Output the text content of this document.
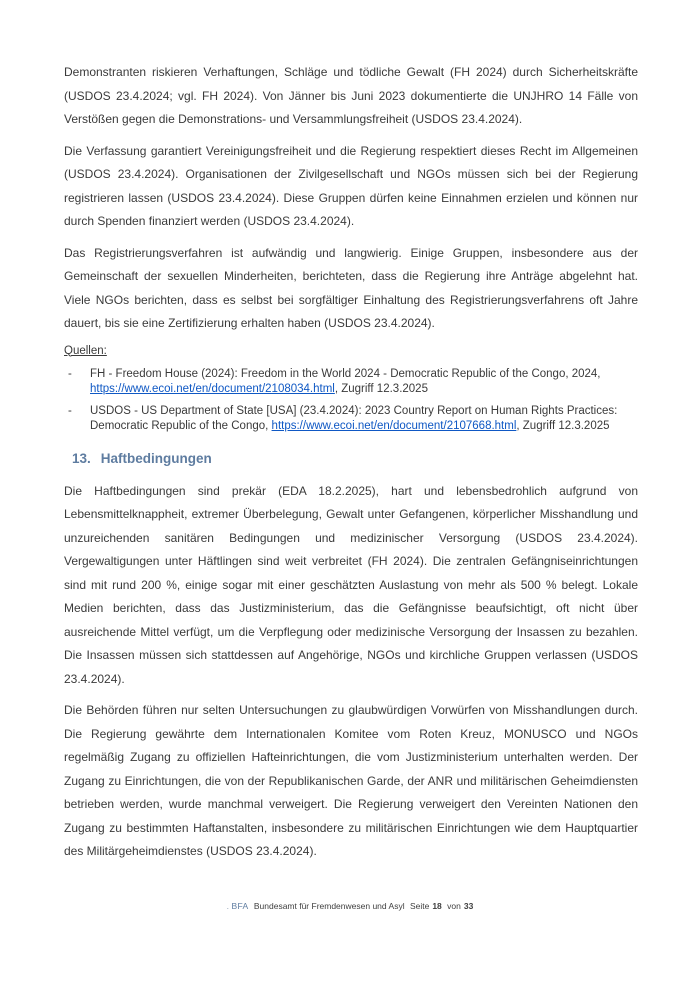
Demonstranten riskieren Verhaftungen, Schläge und tödliche Gewalt (FH 2024) durch Sicherheitskräfte (USDOS 23.4.2024; vgl. FH 2024). Von Jänner bis Juni 2023 dokumentierte die UNJHRO 14 Fälle von Verstößen gegen die Demonstrations- und Versammlungsfreiheit (USDOS 23.4.2024).

Die Verfassung garantiert Vereinigungsfreiheit und die Regierung respektiert dieses Recht im Allgemeinen (USDOS 23.4.2024). Organisationen der Zivilgesellschaft und NGOs müssen sich bei der Regierung registrieren lassen (USDOS 23.4.2024). Diese Gruppen dürfen keine Einnahmen erzielen und können nur durch Spenden finanziert werden (USDOS 23.4.2024).

Das Registrierungsverfahren ist aufwändig und langwierig. Einige Gruppen, insbesondere aus der Gemeinschaft der sexuellen Minderheiten, berichteten, dass die Regierung ihre Anträge abgelehnt hat. Viele NGOs berichten, dass es selbst bei sorgfältiger Einhaltung des Registrierungsverfahrens oft Jahre dauert, bis sie eine Zertifizierung erhalten haben (USDOS 23.4.2024).

Quellen:
- FH - Freedom House (2024): Freedom in the World 2024 - Democratic Republic of the Congo, 2024, https://www.ecoi.net/en/document/2108034.html, Zugriff 12.3.2025
- USDOS - US Department of State [USA] (23.4.2024): 2023 Country Report on Human Rights Practices: Democratic Republic of the Congo, https://www.ecoi.net/en/document/2107668.html, Zugriff 12.3.2025
13. Haftbedingungen

Die Haftbedingungen sind prekär (EDA 18.2.2025), hart und lebensbedrohlich aufgrund von Lebensmittelknappheit, extremer Überbelegung, Gewalt unter Gefangenen, körperlicher Misshandlung und unzureichenden sanitären Bedingungen und medizinischer Versorgung (USDOS 23.4.2024). Vergewaltigungen unter Häftlingen sind weit verbreitet (FH 2024). Die zentralen Gefängniseinrichtungen sind mit rund 200 %, einige sogar mit einer geschätzten Auslastung von mehr als 500 % belegt. Lokale Medien berichten, dass das Justizministerium, das die Gefängnisse beaufsichtigt, oft nicht über ausreichende Mittel verfügt, um die Verpflegung oder medizinische Versorgung der Insassen zu bezahlen. Die Insassen müssen sich stattdessen auf Angehörige, NGOs und kirchliche Gruppen verlassen (USDOS 23.4.2024).

Die Behörden führen nur selten Untersuchungen zu glaubwürdigen Vorwürfen von Misshandlungen durch. Die Regierung gewährte dem Internationalen Komitee vom Roten Kreuz, MONUSCO und NGOs regelmäßig Zugang zu offiziellen Hafteinrichtungen, die vom Justizministerium unterhalten werden. Der Zugang zu Einrichtungen, die von der Republikanischen Garde, der ANR und militärischen Geheimdiensten betrieben werden, wurde manchmal verweigert. Die Regierung verweigert den Vereinten Nationen den Zugang zu bestimmten Haftanstalten, insbesondere zu militärischen Einrichtungen wie dem Hauptquartier des Militärgeheimdienstes (USDOS 23.4.2024).

. BFA Bundesamt für Fremdenwesen und Asyl Seite 18 von 33
